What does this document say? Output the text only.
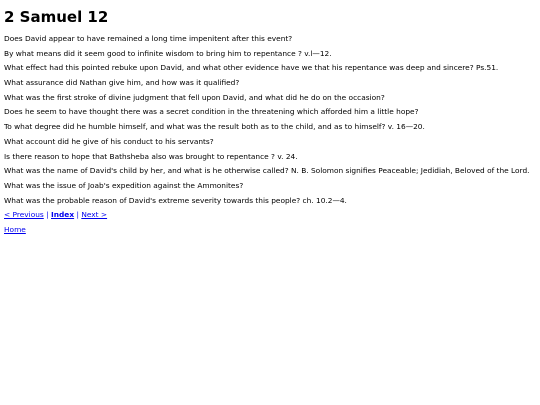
2 Samuel 12

Does David appear to have remained a long time impenitent after this event?

By what means did it seem good to infinite wisdom to bring him to repentance ? v.l—12.

What effect had this pointed rebuke upon David, and what other evidence have we that his repentance was deep and sincere? Ps.51.

What assurance did Nathan give him, and how was it qualified?

What was the first stroke of divine judgment that fell upon David, and what did he do on the occasion?

Does he seem to have thought there was a secret condition in the threatening which afforded him a little hope?

To what degree did he humble himself, and what was the result both as to the child, and as to himself? v. 16—20.

What account did he give of his conduct to his servants?

Is there reason to hope that Bathsheba also was brought to repentance ? v. 24.

What was the name of David's child by her, and what is he otherwise called? N. B. Solomon signifies Peaceable; Jedidiah, Beloved of the Lord.

What was the issue of Joab's expedition against the Ammonites?

What was the probable reason of David's extreme severity towards this people? ch. 10.2—4.

< Previous | Index | Next >

Home
